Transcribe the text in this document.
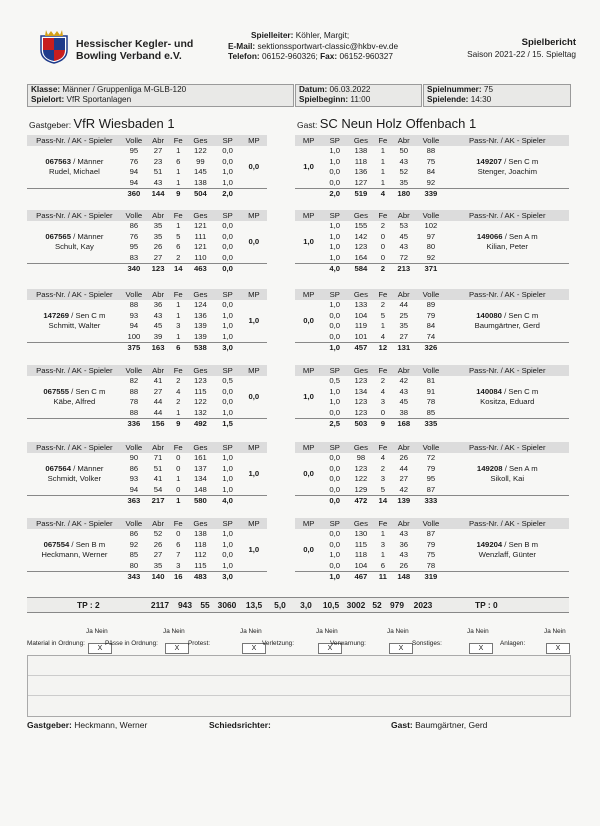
Hessischer Kegler- und
Bowling Verband e.V.
Spielleiter: Köhler, Margit;
E-Mail: sektionssportwart-classic@hkbv-ev.de
Telefon: 06152-960326; Fax: 06152-960327
Spielbericht
Saison 2021-22 / 15. Spieltag
Klasse: Männer / Gruppenliga M-GLB-120
Spielort: VfR Sportanlagen
Datum: 06.03.2022
Spielbeginn: 11:00
Spielnummer: 75
Spielende: 14:30
Gastgeber: VfR Wiesbaden 1	Gast: SC Neun Holz Offenbach 1
Pass-Nr. / AK - Spieler	Volle	Abr	Fe	Ges	SP	MP

067563 / Männer
Rudel, Michael	95	27	1	122	0,0	0,0
	76	23	6	99	0,0	
	94	51	1	145	1,0	
	94	43	1	138	1,0	
	360	144	9	504	2,0	
MP	SP	Ges	Fe	Abr	Volle	Pass-Nr. / AK - Spieler
1,0	1,0	138	1	50	88	149207 / Sen C m
Stenger, Joachim

	1,0	118	1	43	75	
	0,0	136	1	52	84	
	0,0	127	1	35	92	
	2,0	519	4	180	339	
Pass-Nr. / AK - Spieler	Volle	Abr	Fe	Ges	SP	MP

067565 / Männer
Schult, Kay	86	35	1	121	0,0	0,0
	76	35	5	111	0,0	
	95	26	6	121	0,0	
	83	27	2	110	0,0	
	340	123	14	463	0,0	
MP	SP	Ges	Fe	Abr	Volle	Pass-Nr. / AK - Spieler
1,0	1,0	155	2	53	102	149066 / Sen A m
Kilian, Peter

	1,0	142	0	45	97	
	1,0	123	0	43	80	
	1,0	164	0	72	92	
	4,0	584	2	213	371	
Pass-Nr. / AK - Spieler	Volle	Abr	Fe	Ges	SP	MP

147269 / Sen C m
Schmitt, Walter	88	36	1	124	0,0	1,0
	93	43	1	136	1,0	
	94	45	3	139	1,0	
	100	39	1	139	1,0	
	375	163	6	538	3,0	
MP	SP	Ges	Fe	Abr	Volle	Pass-Nr. / AK - Spieler
0,0	1,0	133	2	44	89	140080 / Sen C m
Baumgärtner, Gerd

	0,0	104	5	25	79	
	0,0	119	1	35	84	
	0,0	101	4	27	74	
	1,0	457	12	131	326	
Pass-Nr. / AK - Spieler	Volle	Abr	Fe	Ges	SP	MP

067555 / Sen C m
Käbe, Alfred	82	41	2	123	0,5	0,0
	88	27	4	115	0,0	
	78	44	2	122	0,0	
	88	44	1	132	1,0	
	336	156	9	492	1,5	
MP	SP	Ges	Fe	Abr	Volle	Pass-Nr. / AK - Spieler
1,0	0,5	123	2	42	81	140084 / Sen C m
Kositza, Eduard

	1,0	134	4	43	91	
	1,0	123	3	45	78	
	0,0	123	0	38	85	
	2,5	503	9	168	335	
Pass-Nr. / AK - Spieler	Volle	Abr	Fe	Ges	SP	MP

067564 / Männer
Schmidt, Volker	90	71	0	161	1,0	1,0
	86	51	0	137	1,0	
	93	41	1	134	1,0	
	94	54	0	148	1,0	
	363	217	1	580	4,0	
MP	SP	Ges	Fe	Abr	Volle	Pass-Nr. / AK - Spieler
0,0	0,0	98	4	26	72	149208 / Sen A m
Sikoll, Kai

	0,0	123	2	44	79	
	0,0	122	3	27	95	
	0,0	129	5	42	87	
	0,0	472	14	139	333	
Pass-Nr. / AK - Spieler	Volle	Abr	Fe	Ges	SP	MP

067554 / Sen B m
Heckmann, Werner	86	52	0	138	1,0	1,0
	92	26	6	118	1,0	
	85	27	7	112	0,0	
	80	35	3	115	1,0	
	343	140	16	483	3,0	
MP	SP	Ges	Fe	Abr	Volle	Pass-Nr. / AK - Spieler
0,0	0,0	130	1	43	87	149204 / Sen B m
Wenzlaff, Günter

	0,0	115	3	36	79	
	1,0	118	1	43	75	
	0,0	104	6	26	78	
	1,0	467	11	148	319	
TP : 2	2117	943 55 3060	13,5	5,0	3,0	10,5 3002 52 979	2023	TP : 0
Ja Nein
Material in Ordnung:
X
Ja Nein
Pässe in Ordnung:
X
Ja Nein
Protest:
X
Ja Nein
Verletzung:
X
Ja Nein
Verwarnung:
X
Ja Nein
Sonstiges:
X
Ja Nein
Anlagen:
X
Gastgeber: Heckmann, Werner	Schiedsrichter:	Gast: Baumgärtner, Gerd
